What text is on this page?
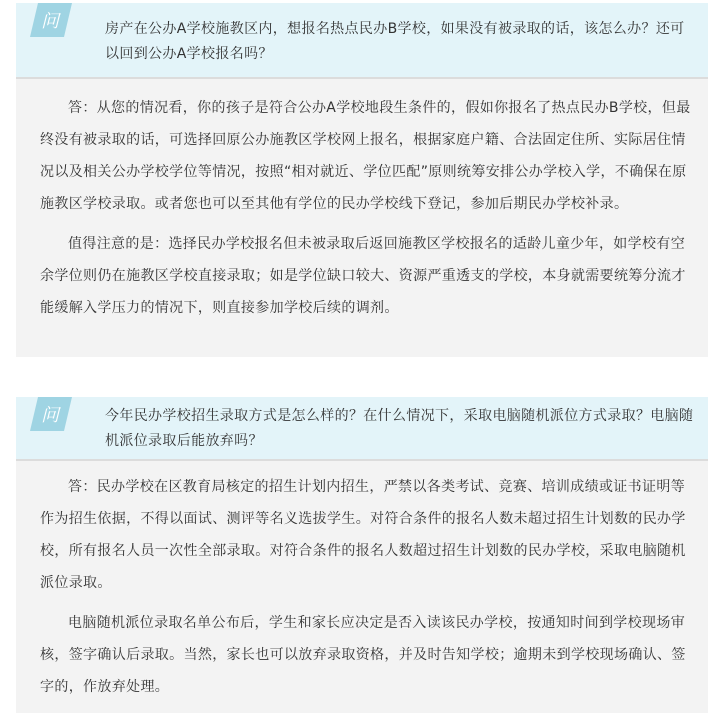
问	房产在公办A学校施教区内，想报名热点民办B学校，如果没有被录取的话，该怎么办？还可以回到公办A学校报名吗？

答：从您的情况看，你的孩子是符合公办A学校地段生条件的，假如你报名了热点民办B学校，但最终没有被录取的话，可选择回原公办施教区学校网上报名，根据家庭户籍、合法固定住所、实际居住情况以及相关公办学校学位等情况，按照“相对就近、学位匹配”原则统筹安排公办学校入学，不确保在原施教区学校录取。或者您也可以至其他有学位的民办学校线下登记，参加后期民办学校补录。

值得注意的是：选择民办学校报名但未被录取后返回施教区学校报名的适龄儿童少年，如学校有空余学位则仍在施教区学校直接录取；如是学位缺口较大、资源严重透支的学校，本身就需要统筹分流才能缓解入学压力的情况下，则直接参加学校后续的调剂。

问	今年民办学校招生录取方式是怎么样的？在什么情况下，采取电脑随机派位方式录取？电脑随机派位录取后能放弃吗？

答：民办学校在区教育局核定的招生计划内招生，严禁以各类考试、竞赛、培训成绩或证书证明等作为招生依据，不得以面试、测评等名义选拔学生。对符合条件的报名人数未超过招生计划数的民办学校，所有报名人员一次性全部录取。对符合条件的报名人数超过招生计划数的民办学校，采取电脑随机派位录取。

电脑随机派位录取名单公布后，学生和家长应决定是否入读该民办学校，按通知时间到学校现场审核，签字确认后录取。当然，家长也可以放弃录取资格，并及时告知学校；逾期未到学校现场确认、签字的，作放弃处理。
